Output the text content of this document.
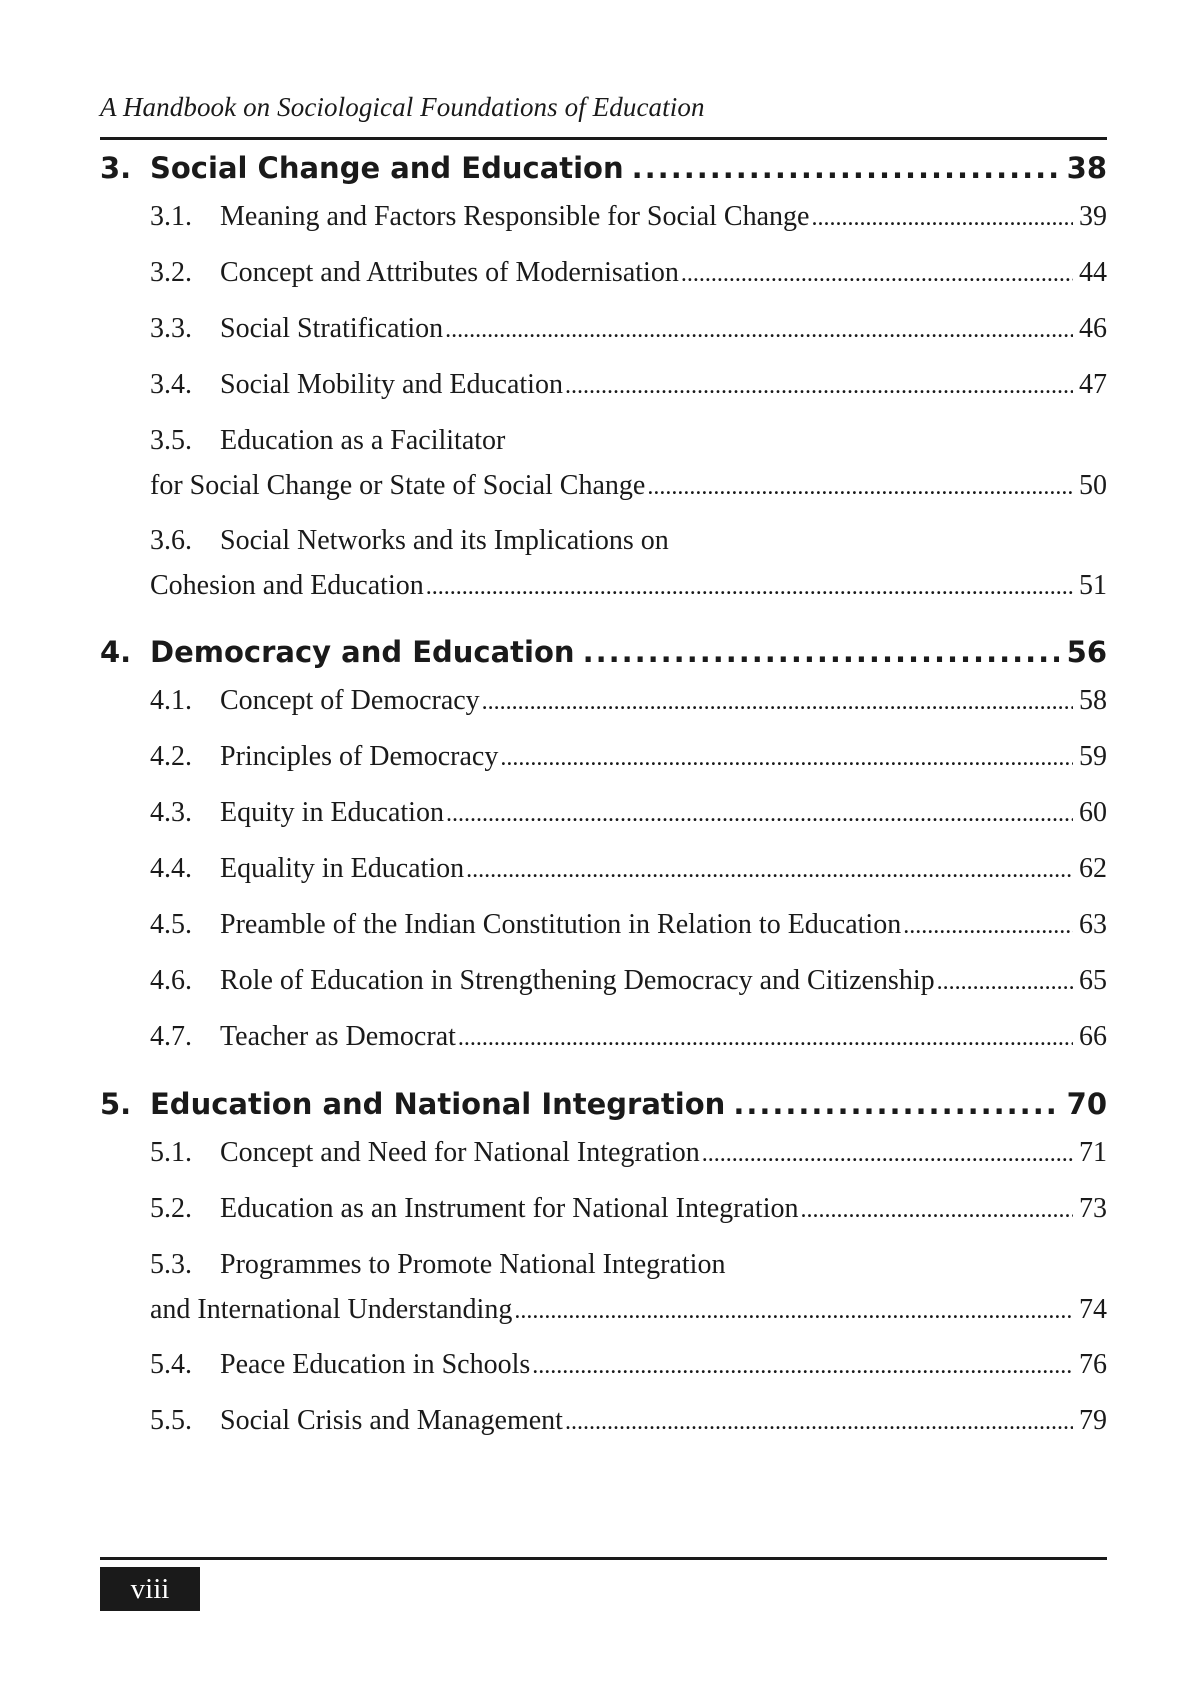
A Handbook on Sociological Foundations of Education
3. Social Change and Education .....	38
3.1.	Meaning and Factors Responsible for Social Change .....	39
3.2.	Concept and Attributes of Modernisation .....	44
3.3.	Social Stratification .....	46
3.4.	Social Mobility and Education .....	47
3.5.	Education as a Facilitator
for Social Change or State of Social Change .....	50
3.6.	Social Networks and its Implications on
Cohesion and Education .....	51
4. Democracy and Education .....	56
4.1.	Concept of Democracy .....	58
4.2.	Principles of Democracy .....	59
4.3.	Equity in Education .....	60
4.4.	Equality in Education .....	62
4.5.	Preamble of the Indian Constitution in Relation to Education .....	63
4.6.	Role of Education in Strengthening Democracy and Citizenship .....	65
4.7.	Teacher as Democrat .....	66
5. Education and National Integration .....	70
5.1.	Concept and Need for National Integration .....	71
5.2.	Education as an Instrument for National Integration .....	73
5.3.	Programmes to Promote National Integration
and International Understanding .....	74
5.4.	Peace Education in Schools .....	76
5.5.	Social Crisis and Management .....	79
viii
